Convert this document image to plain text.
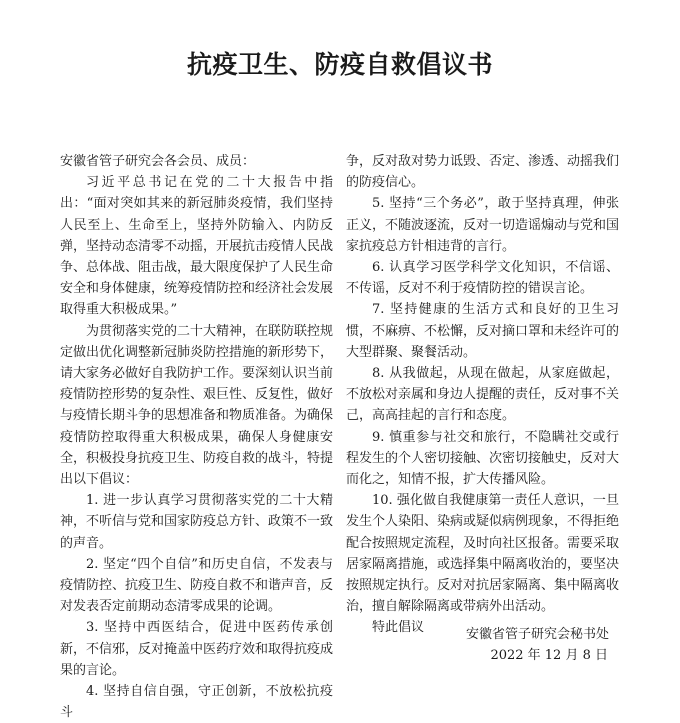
抗疫卫生、防疫自救倡议书

安徽省管子研究会各会员、成员：

习近平总书记在党的二十大报告中指出：“面对突如其来的新冠肺炎疫情，我们坚持人民至上、生命至上，坚持外防输入、内防反弹，坚持动态清零不动摇，开展抗击疫情人民战争、总体战、阻击战，最大限度保护了人民生命安全和身体健康，统筹疫情防控和经济社会发展取得重大积极成果。”

为贯彻落实党的二十大精神，在联防联控规定做出优化调整新冠肺炎防控措施的新形势下，请大家务必做好自我防护工作。要深刻认识当前疫情防控形势的复杂性、艰巨性、反复性，做好与疫情长期斗争的思想准备和物质准备。为确保疫情防控取得重大积极成果，确保人身健康安全，积极投身抗疫卫生、防疫自救的战斗，特提出以下倡议：

1. 进一步认真学习贯彻落实党的二十大精神，不听信与党和国家防疫总方针、政策不一致的声音。

2. 坚定“四个自信”和历史自信，不发表与疫情防控、抗疫卫生、防疫自救不和谐声音，反对发表否定前期动态清零成果的论调。

3. 坚持中西医结合，促进中医药传承创新，不信邪，反对掩盖中医药疗效和取得抗疫成果的言论。

4. 坚持自信自强，守正创新，不放松抗疫斗

争，反对敌对势力诋毁、否定、渗透、动摇我们的防疫信心。

5. 坚持“三个务必”，敢于坚持真理，伸张正义，不随波逐流，反对一切造谣煽动与党和国家抗疫总方针相违背的言行。

6. 认真学习医学科学文化知识，不信谣、不传谣，反对不利于疫情防控的错误言论。

7. 坚持健康的生活方式和良好的卫生习惯，不麻痹、不松懈，反对摘口罩和未经许可的大型群聚、聚餐活动。

8. 从我做起，从现在做起，从家庭做起，不放松对亲属和身边人提醒的责任，反对事不关己，高高挂起的言行和态度。

9. 慎重参与社交和旅行，不隐瞒社交或行程发生的个人密切接触、次密切接触史，反对大而化之，知情不报，扩大传播风险。

10. 强化做自我健康第一责任人意识，一旦发生个人染阳、染病或疑似病例现象，不得拒绝配合按照规定流程，及时向社区报备。需要采取居家隔离措施，或选择集中隔离收治的，要坚决按照规定执行。反对对抗居家隔离、集中隔离收治，擅自解除隔离或带病外出活动。

特此倡议	安徽省管子研究会秘书处
2022 年 12 月 8 日
